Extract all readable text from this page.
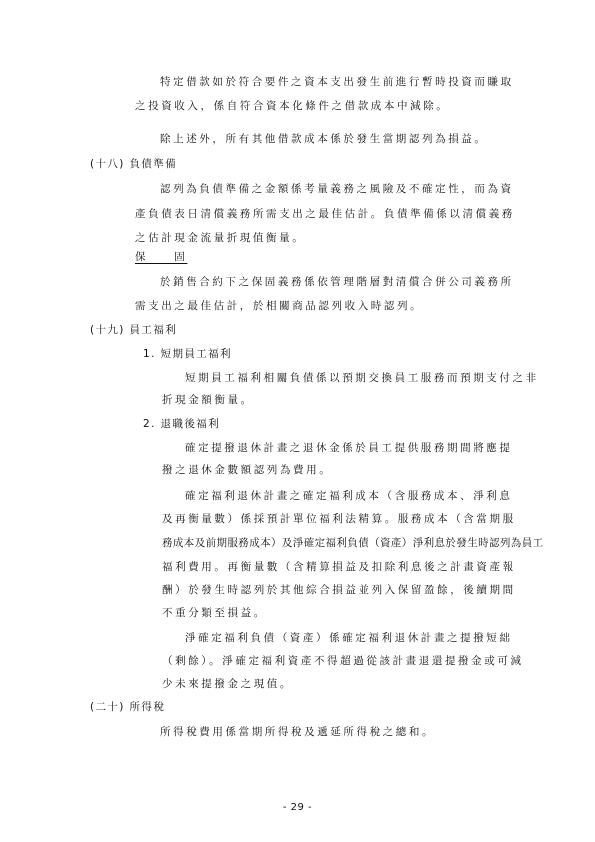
特定借款如於符合要件之資本支出發生前進行暫時投資而賺取
之投資收入，係自符合資本化條件之借款成本中減除。
除上述外，所有其他借款成本係於發生當期認列為損益。
(十八) 負債準備
認列為負債準備之金額係考量義務之風險及不確定性，而為資
產負債表日清償義務所需支出之最佳估計。負債準備係以清償義務
之估計現金流量折現值衡量。
保　　固
於銷售合約下之保固義務係依管理階層對清償合併公司義務所
需支出之最佳估計，於相關商品認列收入時認列。
(十九) 員工福利
1. 短期員工福利
短期員工福利相關負債係以預期交換員工服務而預期支付之非
折現金額衡量。
2. 退職後福利
確定提撥退休計畫之退休金係於員工提供服務期間將應提
撥之退休金數額認列為費用。
確定福利退休計畫之確定福利成本（含服務成本、淨利息
及再衡量數）係採預計單位福利法精算。服務成本（含當期服
務成本及前期服務成本）及淨確定福利負債（資產）淨利息於發生時認列為員工
福利費用。再衡量數（含精算損益及扣除利息後之計畫資產報
酬）於發生時認列於其他綜合損益並列入保留盈餘，後續期間
不重分類至損益。
淨確定福利負債（資產）係確定福利退休計畫之提撥短絀
（剩餘）。淨確定福利資產不得超過從該計畫退還提撥金或可減
少未來提撥金之現值。
(二十) 所得稅
所得稅費用係當期所得稅及遞延所得稅之總和。
- 29 -
